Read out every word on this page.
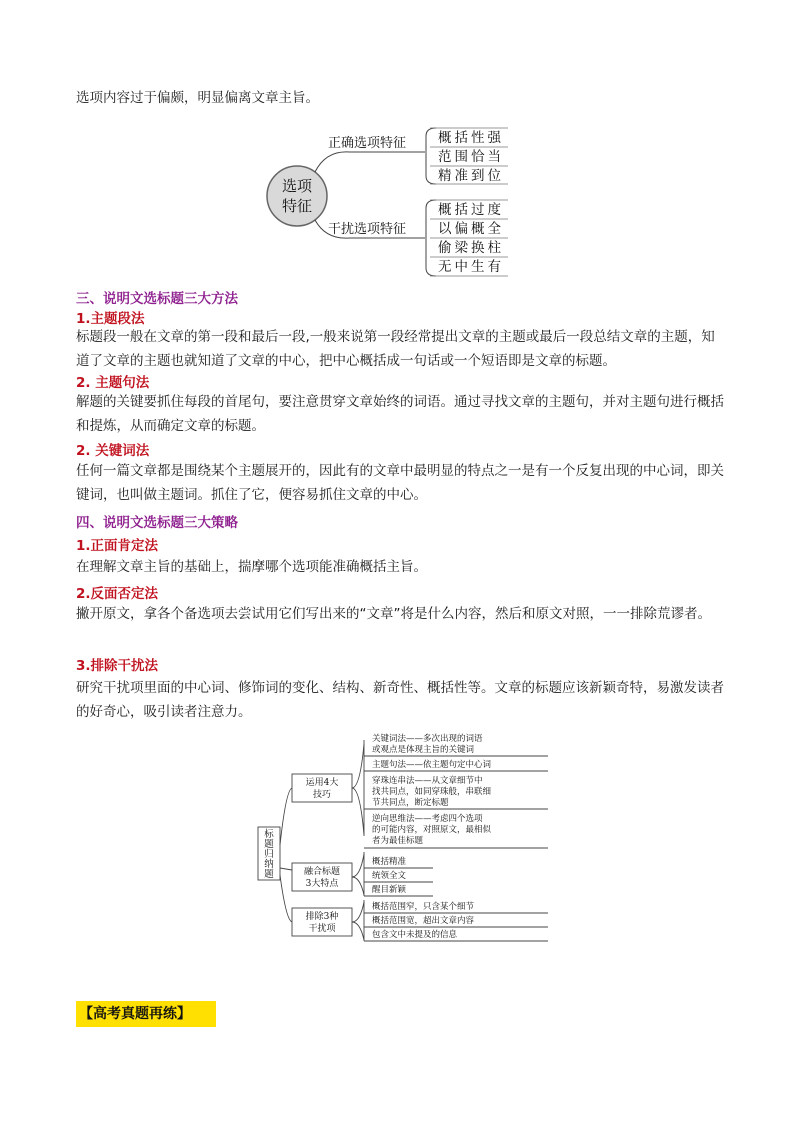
选项内容过于偏颇，明显偏离文章主旨。
选项
特征
正确选项特征
干扰选项特征
概括性强
范围恰当
精准到位
概括过度
以偏概全
偷梁换柱
无中生有
三、说明文选标题三大方法
1.主题段法
标题段一般在文章的第一段和最后一段,一般来说第一段经常提出文章的主题或最后一段总结文章的主题，知道了文章的主题也就知道了文章的中心，把中心概括成一句话或一个短语即是文章的标题。
2. 主题句法
解题的关键要抓住每段的首尾句，要注意贯穿文章始终的词语。通过寻找文章的主题句，并对主题句进行概括和提炼，从而确定文章的标题。
2. 关键词法
任何一篇文章都是围绕某个主题展开的，因此有的文章中最明显的特点之一是有一个反复出现的中心词，即关键词，也叫做主题词。抓住了它，便容易抓住文章的中心。
四、说明文选标题三大策略
1.正面肯定法
在理解文章主旨的基础上，揣摩哪个选项能准确概括主旨。
2.反面否定法
撇开原文，拿各个备选项去尝试用它们写出来的“文章”将是什么内容，然后和原文对照，一一排除荒谬者。
3.排除干扰法
研究干扰项里面的中心词、修饰词的变化、结构、新奇性、概括性等。文章的标题应该新颖奇特，易激发读者的好奇心，吸引读者注意力。
标
题
归
纳
题
运用4大
技巧
关键词法——多次出现的词语
或观点是体现主旨的关键词
主题句法——依主题句定中心词
穿珠连串法——从文章细节中
找共同点，如同穿珠般，串联细
节共同点，断定标题
逆向思维法——考虑四个选项
的可能内容，对照原文，最相似
者为最佳标题
融合标题
3大特点
概括精准
统领全文
醒目新颖
排除3种
干扰项
概括范围窄，只含某个细节
概括范围宽，超出文章内容
包含文中未提及的信息
【高考真题再练】
